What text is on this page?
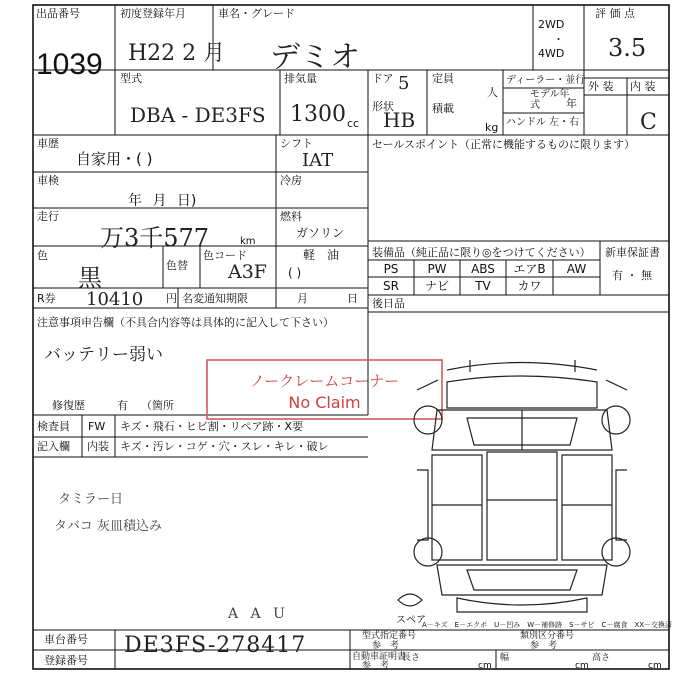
出品番号
1039
初度登録年月
H22 2 月
車名・グレード
デミオ
2WD
・
4WD
評 価 点
3.5
型式
DBA - DE3FS
排気量
1300 cc
ドア 5
形状
HB
定員
人
積載
kg
ディーラー・並行
モデル年式	年
ハンドル 左・右
外 装 内 装
C
車歴
自家用・( )
車検
年 月 日)
走行
万3千577	km
色
黒	色替
色コード
A3F
R券 10410 円 名変通知期限	月	日
シフト
IAT
冷房
燃料
ガソリン
軽　油
( )
セールスポイント（正常に機能するものに限ります）
装備品（純正品に限り◎をつけてください） 新車保証書
有 ・ 無
PS	PW	ABS	エアB	AW
SR	ナビ	TV	カワ
後日品
注意事項申告欄（不具合内容等は具体的に記入して下さい）
バッテリー弱い
修復歴	有 （箇所
ノークレームコーナー
No Claim
検査員
記入欄
FW キズ・飛石・ヒビ割・リペア跡・X要
内装 キズ・汚レ・コゲ・穴・スレ・キレ・破レ
タミラー日
タバコ 灰皿積込み
A A U	スペア
A－キズ　E－エクボ　U－凹み　W－補修跡　S－サビ　C－腐食　XX－交換済
車台番号 DE3FS-278417
登録番号
型式指定番号
参　考
類別区分番号
参　考
自動車証明書
参　考
長さ
cm
幅
cm
高さ
cm
